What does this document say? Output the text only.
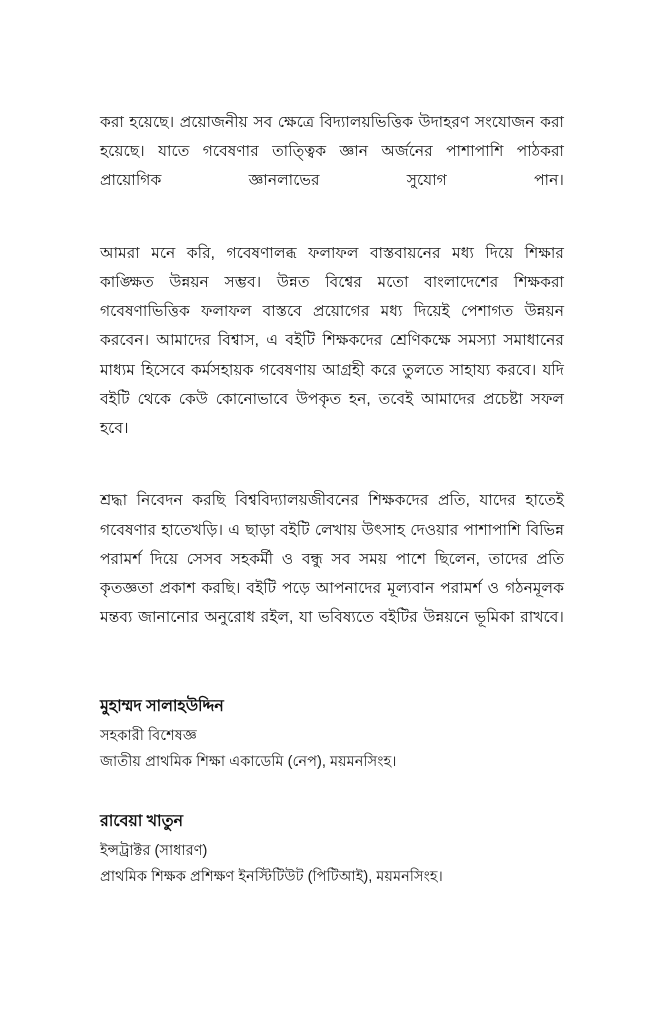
করা হয়েছে। প্রয়োজনীয় সব ক্ষেত্রে বিদ্যালয়ভিত্তিক উদাহরণ সংযোজন করা হয়েছে। যাতে গবেষণার তাত্ত্বিক জ্ঞান অর্জনের পাশাপাশি পাঠকরা প্রায়োগিক জ্ঞানলাভের সুযোগ পান।

আমরা মনে করি, গবেষণালব্ধ ফলাফল বাস্তবায়নের মধ্য দিয়ে শিক্ষার কাঙ্ক্ষিত উন্নয়ন সম্ভব। উন্নত বিশ্বের মতো বাংলাদেশের শিক্ষকরা গবেষণাভিত্তিক ফলাফল বাস্তবে প্রয়োগের মধ্য দিয়েই পেশাগত উন্নয়ন করবেন। আমাদের বিশ্বাস, এ বইটি শিক্ষকদের শ্রেণিকক্ষে সমস্যা সমাধানের মাধ্যম হিসেবে কর্মসহায়ক গবেষণায় আগ্রহী করে তুলতে সাহায্য করবে। যদি বইটি থেকে কেউ কোনোভাবে উপকৃত হন, তবেই আমাদের প্রচেষ্টা সফল হবে।

শ্রদ্ধা নিবেদন করছি বিশ্ববিদ্যালয়জীবনের শিক্ষকদের প্রতি, যাদের হাতেই গবেষণার হাতেখড়ি। এ ছাড়া বইটি লেখায় উৎসাহ দেওয়ার পাশাপাশি বিভিন্ন পরামর্শ দিয়ে সেসব সহকর্মী ও বন্ধু সব সময় পাশে ছিলেন, তাদের প্রতি কৃতজ্ঞতা প্রকাশ করছি। বইটি পড়ে আপনাদের মূল্যবান পরামর্শ ও গঠনমূলক মন্তব্য জানানোর অনুরোধ রইল, যা ভবিষ্যতে বইটির উন্নয়নে ভূমিকা রাখবে।

মুহাম্মদ সালাহউদ্দিন

সহকারী বিশেষজ্ঞ

জাতীয় প্রাথমিক শিক্ষা একাডেমি (নেপ), ময়মনসিংহ।

রাবেয়া খাতুন

ইন্সট্রাক্টর (সাধারণ)

প্রাথমিক শিক্ষক প্রশিক্ষণ ইনস্টিটিউট (পিটিআই), ময়মনসিংহ।
